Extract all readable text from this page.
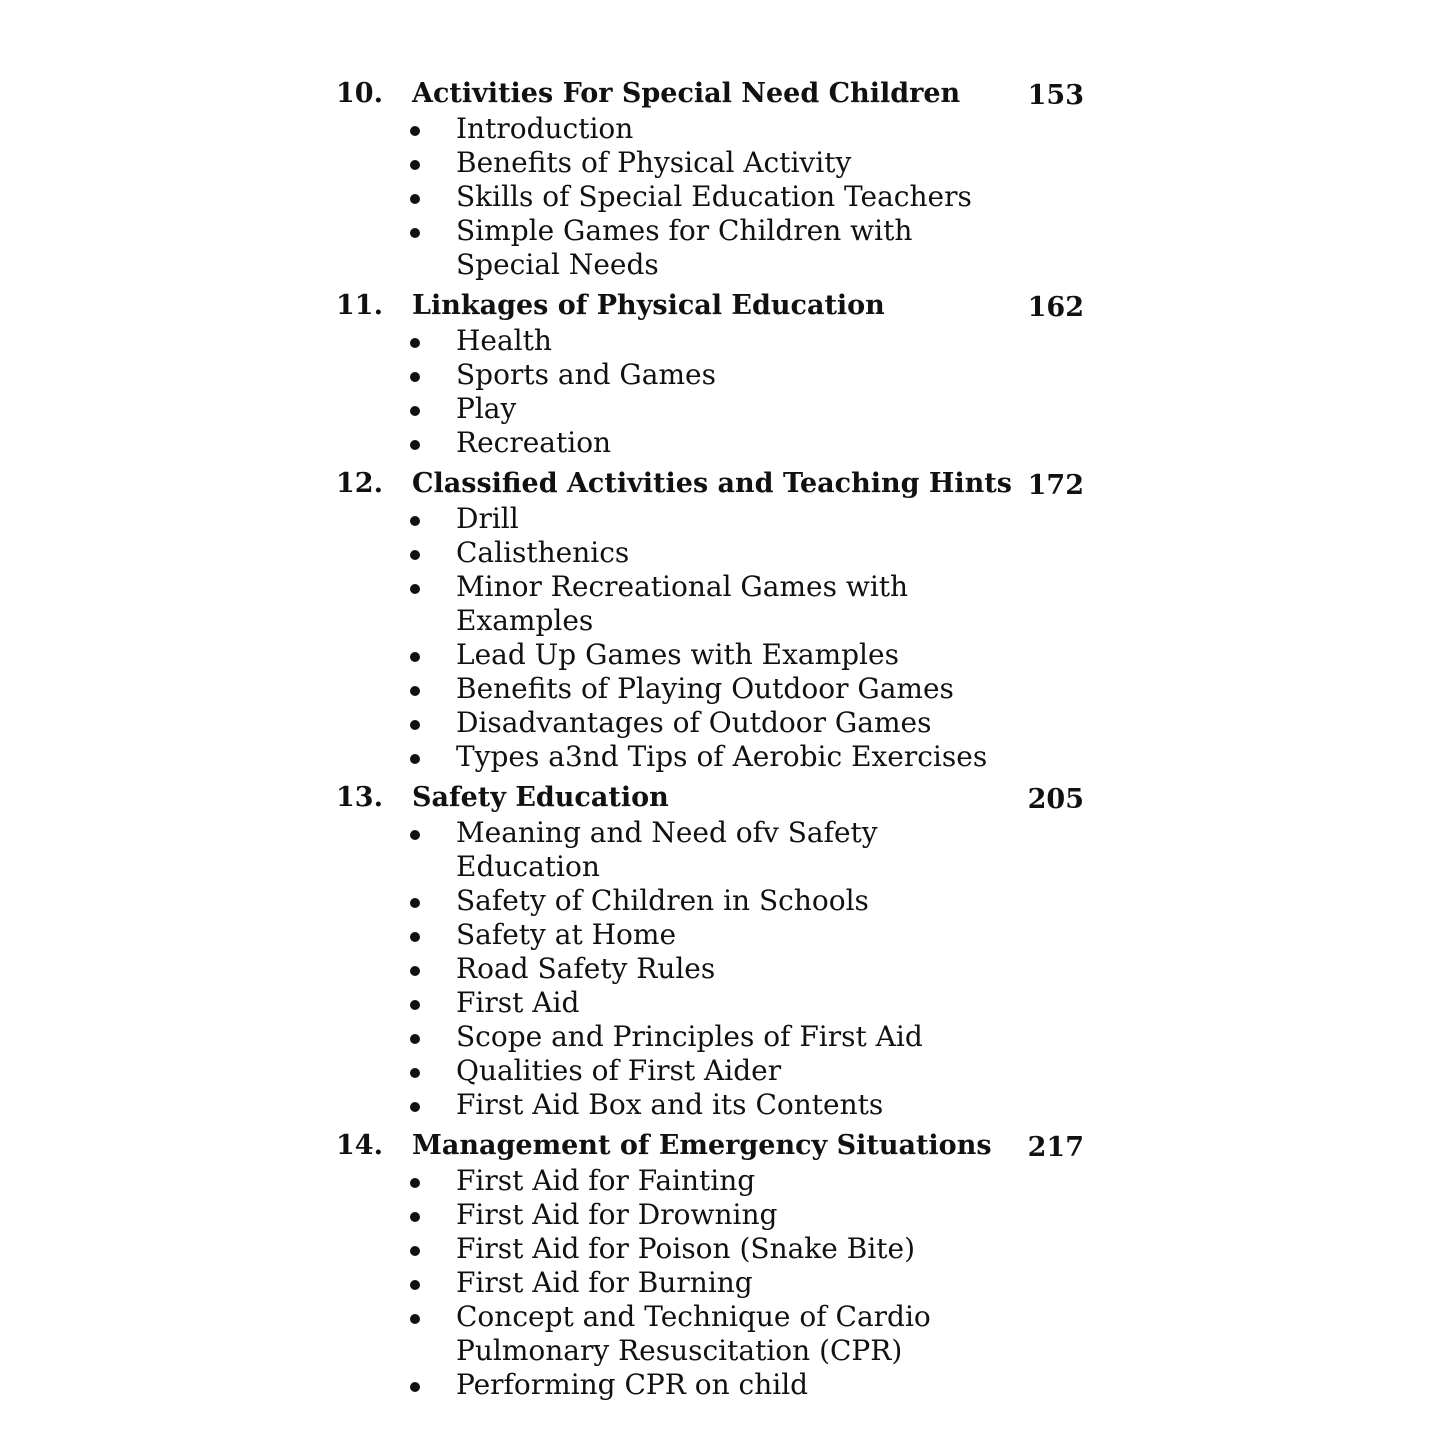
10. Activities For Special Need Children 153
Introduction
Benefits of Physical Activity
Skills of Special Education Teachers
Simple Games for Children with Special Needs
11. Linkages of Physical Education	162
Health
Sports and Games
Play
Recreation
12. Classified Activities and Teaching Hints 172
Drill
Calisthenics
Minor Recreational Games with Examples
Lead Up Games with Examples
Benefits of Playing Outdoor Games
Disadvantages of Outdoor Games
Types a3nd Tips of Aerobic Exercises
13. Safety Education	205
Meaning and Need ofv Safety Education
Safety of Children in Schools
Safety at Home
Road Safety Rules
First Aid
Scope and Principles of First Aid
Qualities of First Aider
First Aid Box and its Contents
14. Management of Emergency Situations 217
First Aid for Fainting
First Aid for Drowning
First Aid for Poison (Snake Bite)
First Aid for Burning
Concept and Technique of Cardio Pulmonary Resuscitation (CPR)
Performing CPR on child
